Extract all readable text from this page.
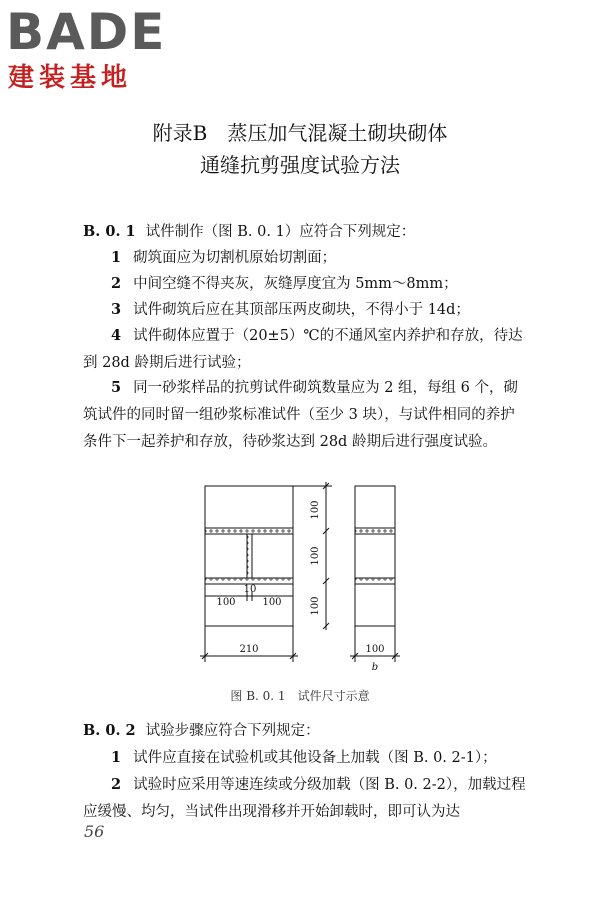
BADE
建装基地
附录B　蒸压加气混凝土砌块砌体
通缝抗剪强度试验方法

B. 0. 1 试件制作（图 B. 0. 1）应符合下列规定：

1 砌筑面应为切割机原始切割面；

2 中间空缝不得夹灰，灰缝厚度宜为 5mm～8mm；

3 试件砌筑后应在其顶部压两皮砌块，不得小于 14d；

4 试件砌体应置于（20±5）℃的不通风室内养护和存放，待达到 28d 龄期后进行试验；

5 同一砂浆样品的抗剪试件砌筑数量应为 2 组，每组 6 个，砌筑试件的同时留一组砂浆标准试件（至少 3 块），与试件相同的养护条件下一起养护和存放，待砂浆达到 28d 龄期后进行强度试验。

100
100
100
10
100	100
210	100
b
图 B. 0. 1　试件尺寸示意

B. 0. 2 试验步骤应符合下列规定：

1 试件应直接在试验机或其他设备上加载（图 B. 0. 2-1）；

2 试验时应采用等速连续或分级加载（图 B. 0. 2-2），加载过程应缓慢、均匀，当试件出现滑移并开始卸载时，即可认为达

56
